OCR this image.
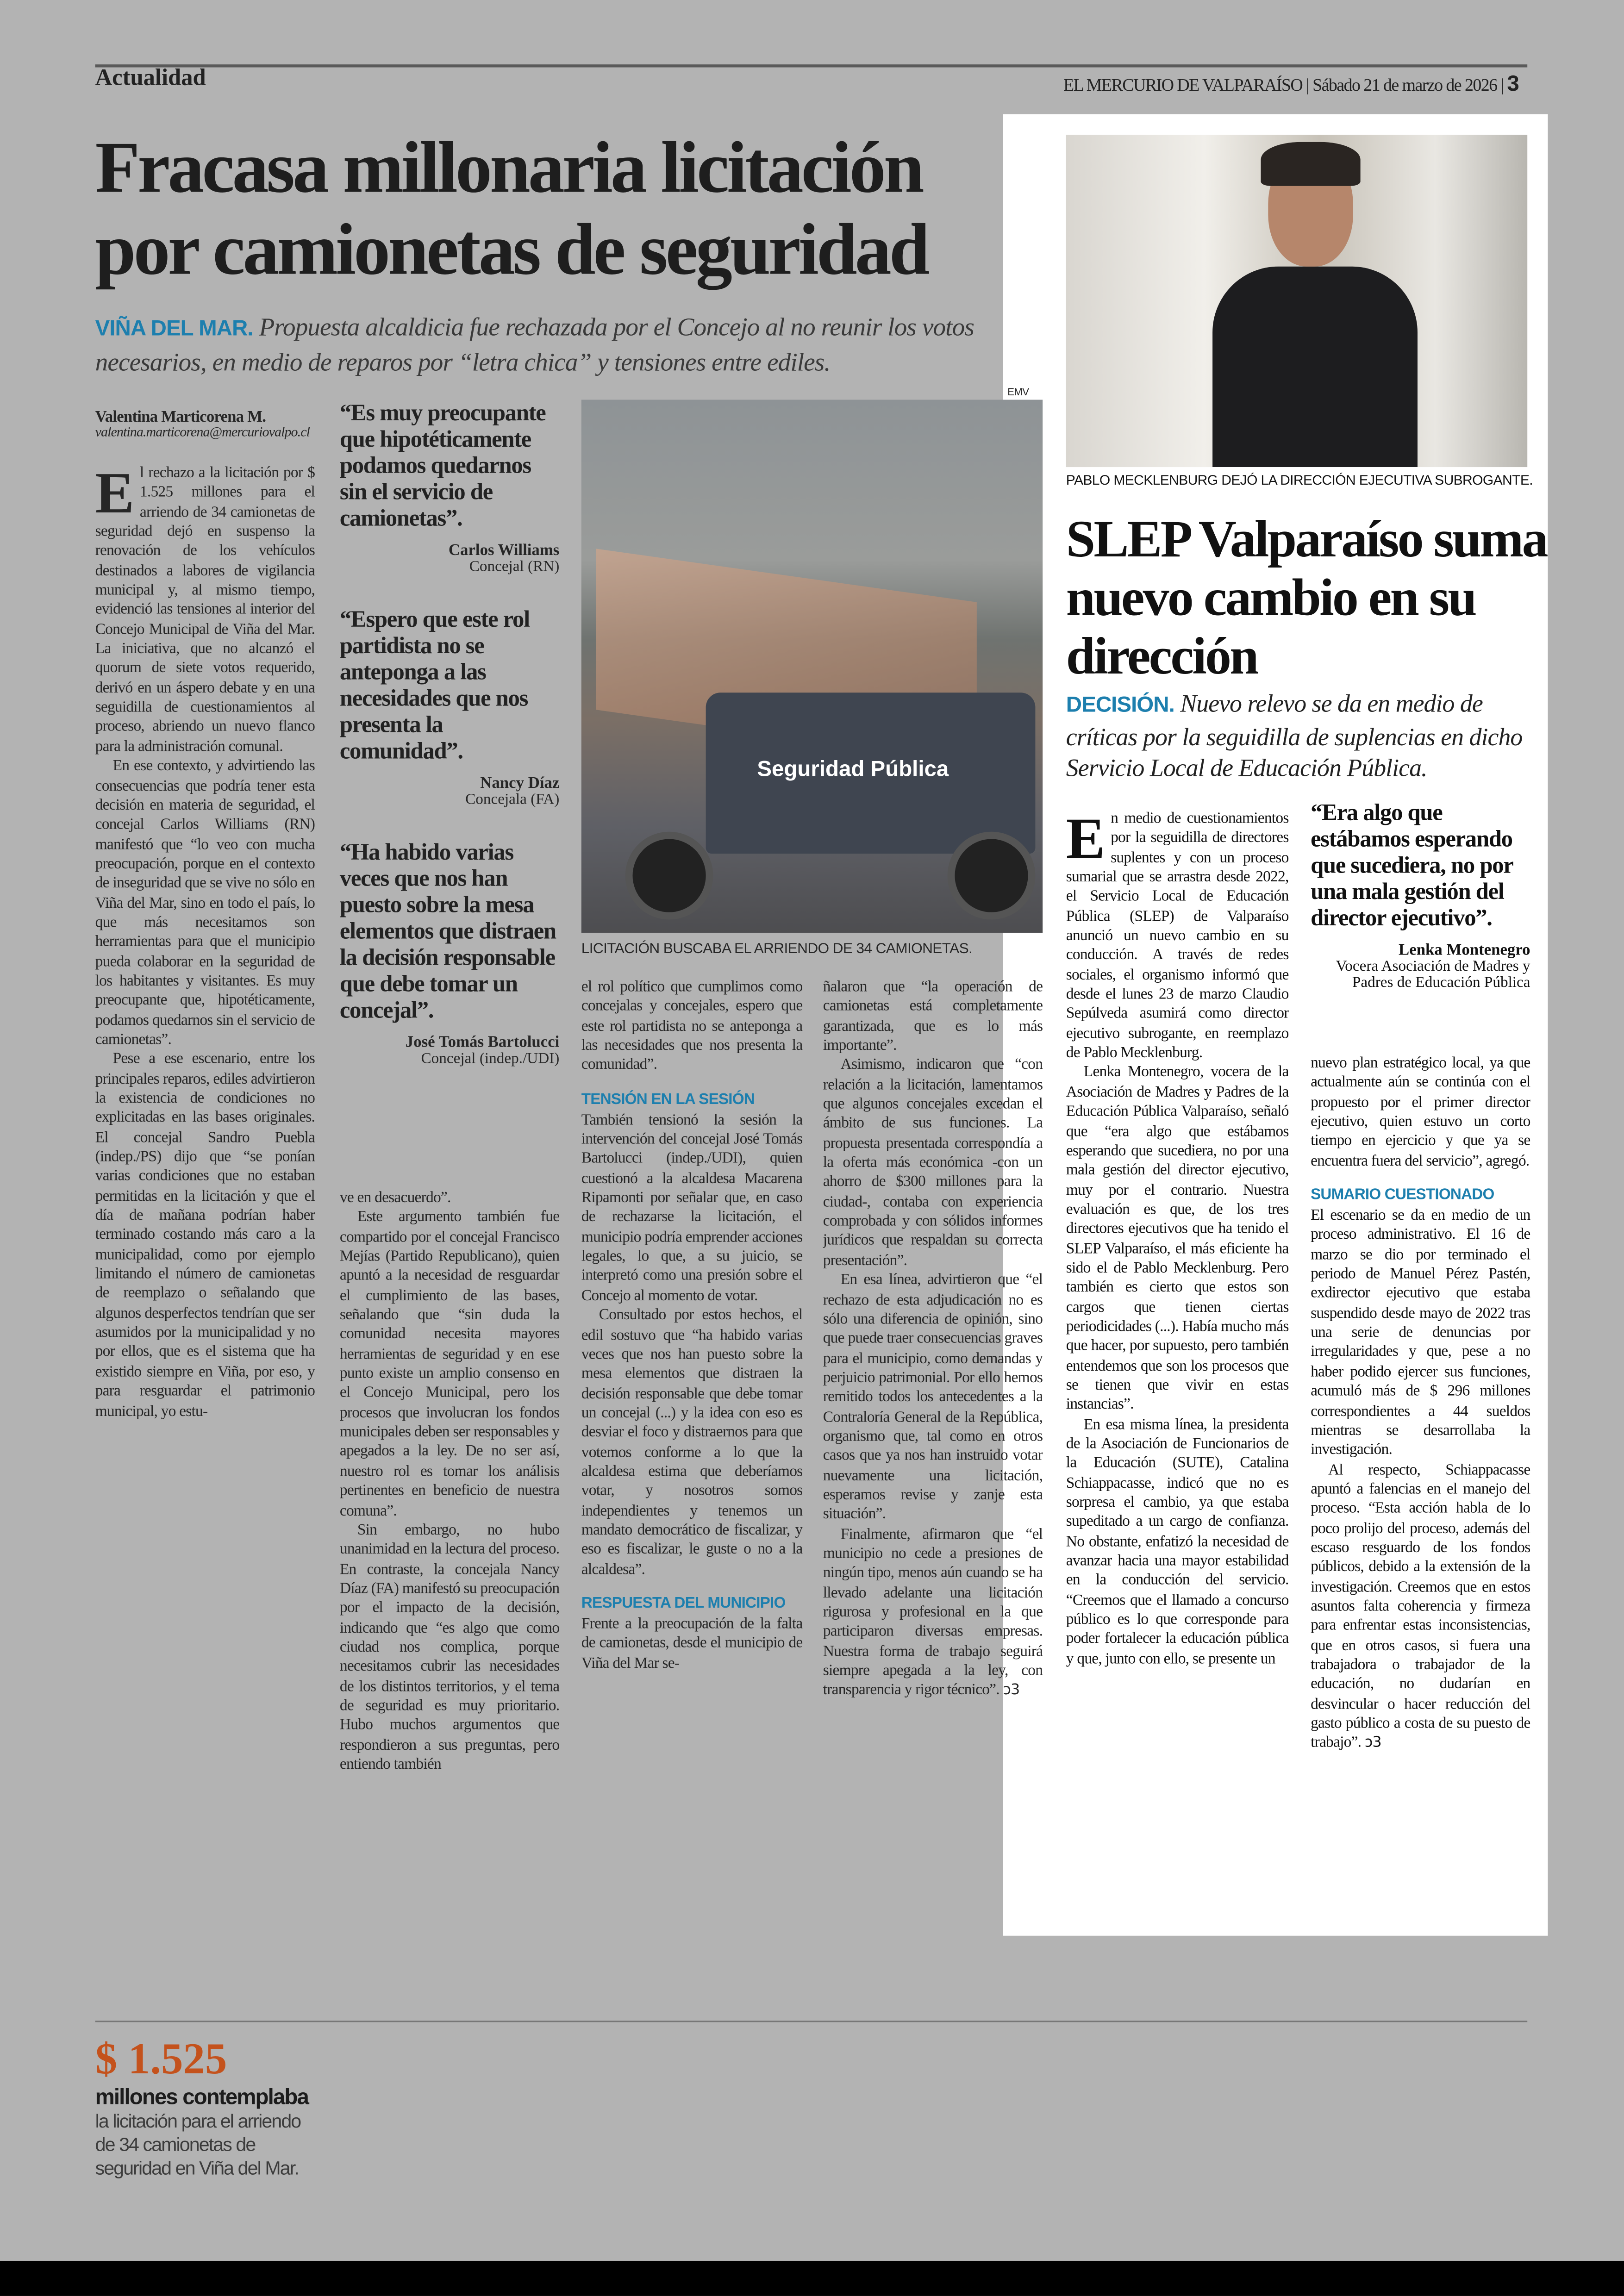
Actualidad	EL MERCURIO DE VALPARAÍSO | Sábado 21 de marzo de 2026 | 3
Fracasa millonaria licitación por camionetas de seguridad
VIÑA DEL MAR. Propuesta alcaldicia fue rechazada por el Concejo al no reunir los votos necesarios, en medio de reparos por “letra chica” y tensiones entre ediles.
Valentina Marticorena M.
valentina.marticorena@mercuriovalpo.cl

E l rechazo a la licitación por $ 1.525 millones para el arriendo de 34 camionetas de seguridad dejó en suspenso la renovación de los vehículos destinados a labores de vigilancia municipal y, al mismo tiempo, evidenció las tensiones al interior del Concejo Municipal de Viña del Mar. La iniciativa, que no alcanzó el quorum de siete votos requerido, derivó en un áspero debate y en una seguidilla de cuestionamientos al proceso, abriendo un nuevo flanco para la administración comunal.

En ese contexto, y advirtiendo las consecuencias que podría tener esta decisión en materia de seguridad, el concejal Carlos Williams (RN) manifestó que “lo veo con mucha preocupación, porque en el contexto de inseguridad que se vive no sólo en Viña del Mar, sino en todo el país, lo que más necesitamos son herramientas para que el municipio pueda colaborar en la seguridad de los habitantes y visitantes. Es muy preocupante que, hipotéticamente, podamos quedarnos sin el servicio de camionetas”.

Pese a ese escenario, entre los principales reparos, ediles advirtieron la existencia de condiciones no explicitadas en las bases originales. El concejal Sandro Puebla (indep./PS) dijo que “se ponían varias condiciones que no estaban permitidas en la licitación y que el día de mañana podrían haber terminado costando más caro a la municipalidad, como por ejemplo limitando el número de camionetas de reemplazo o señalando que algunos desperfectos tendrían que ser asumidos por la municipalidad y no por ellos, que es el sistema que ha existido siempre en Viña, por eso, y para resguardar el patrimonio municipal, yo estu-

$ 1.525
millones contemplaba
la licitación para el arriendo de 34 camionetas de seguridad en Viña del Mar.
“Es muy preocupante que hipotéticamente podamos quedarnos sin el servicio de camionetas”.
Carlos Williams
Concejal (RN)
“Espero que este rol partidista no se anteponga a las necesidades que nos presenta la comunidad”.
Nancy Díaz
Concejala (FA)
“Ha habido varias veces que nos han puesto sobre la mesa elementos que distraen la decisión responsable que debe tomar un concejal”.
José Tomás Bartolucci
Concejal (indep./UDI)

ve en desacuerdo”.

Este argumento también fue compartido por el concejal Francisco Mejías (Partido Republicano), quien apuntó a la necesidad de resguardar el cumplimiento de las bases, señalando que “sin duda la comunidad necesita mayores herramientas de seguridad y en ese punto existe un amplio consenso en el Concejo Municipal, pero los procesos que involucran los fondos municipales deben ser responsables y apegados a la ley. De no ser así, nuestro rol es tomar los análisis pertinentes en beneficio de nuestra comuna”.

Sin embargo, no hubo unanimidad en la lectura del proceso. En contraste, la concejala Nancy Díaz (FA) manifestó su preocupación por el impacto de la decisión, indicando que “es algo que como ciudad nos complica, porque necesitamos cubrir las necesidades de los distintos territorios, y el tema de seguridad es muy prioritario. Hubo muchos argumentos que respondieron a sus preguntas, pero entiendo también

EMV
Seguridad Pública
LICITACIÓN BUSCABA EL ARRIENDO DE 34 CAMIONETAS.

el rol político que cumplimos como concejalas y concejales, espero que este rol partidista no se anteponga a las necesidades que nos presenta la comunidad”.

TENSIÓN EN LA SESIÓN

También tensionó la sesión la intervención del concejal José Tomás Bartolucci (indep./UDI), quien cuestionó a la alcaldesa Macarena Ripamonti por señalar que, en caso de rechazarse la licitación, el municipio podría emprender acciones legales, lo que, a su juicio, se interpretó como una presión sobre el Concejo al momento de votar.

Consultado por estos hechos, el edil sostuvo que “ha habido varias veces que nos han puesto sobre la mesa elementos que distraen la decisión responsable que debe tomar un concejal (...) y la idea con eso es desviar el foco y distraernos para que votemos conforme a lo que la alcaldesa estima que deberíamos votar, y nosotros somos independientes y tenemos un mandato democrático de fiscalizar, y eso es fiscalizar, le guste o no a la alcaldesa”.

RESPUESTA DEL MUNICIPIO

Frente a la preocupación de la falta de camionetas, desde el municipio de Viña del Mar se-

ñalaron que “la operación de camionetas está completamente garantizada, que es lo más importante”.

Asimismo, indicaron que “con relación a la licitación, lamentamos que algunos concejales excedan el ámbito de sus funciones. La propuesta presentada correspondía a la oferta más económica -con un ahorro de $300 millones para la ciudad-, contaba con experiencia comprobada y con sólidos informes jurídicos que respaldan su correcta presentación”.

En esa línea, advirtieron que “el rechazo de esta adjudicación no es sólo una diferencia de opinión, sino que puede traer consecuencias graves para el municipio, como demandas y perjuicio patrimonial. Por ello hemos remitido todos los antecedentes a la Contraloría General de la República, organismo que, tal como en otros casos que ya nos han instruido votar nuevamente una licitación, esperamos revise y zanje esta situación”.

Finalmente, afirmaron que “el municipio no cede a presiones de ningún tipo, menos aún cuando se ha llevado adelante una licitación rigurosa y profesional en la que participaron diversas empresas. Nuestra forma de trabajo seguirá siempre apegada a la ley, con transparencia y rigor técnico”. ↄ3

PABLO MECKLENBURG DEJÓ LA DIRECCIÓN EJECUTIVA SUBROGANTE.
SLEP Valparaíso suma nuevo cambio en su dirección
DECISIÓN. Nuevo relevo se da en medio de críticas por la seguidilla de suplencias en dicho Servicio Local de Educación Pública.

E n medio de cuestionamientos por la seguidilla de directores suplentes y con un proceso sumarial que se arrastra desde 2022, el Servicio Local de Educación Pública (SLEP) de Valparaíso anunció un nuevo cambio en su conducción. A través de redes sociales, el organismo informó que desde el lunes 23 de marzo Claudio Sepúlveda asumirá como director ejecutivo subrogante, en reemplazo de Pablo Mecklenburg.

Lenka Montenegro, vocera de la Asociación de Madres y Padres de la Educación Pública Valparaíso, señaló que “era algo que estábamos esperando que sucediera, no por una mala gestión del director ejecutivo, muy por el contrario. Nuestra evaluación es que, de los tres directores ejecutivos que ha tenido el SLEP Valparaíso, el más eficiente ha sido el de Pablo Mecklenburg. Pero también es cierto que estos son cargos que tienen ciertas periodicidades (...). Había mucho más que hacer, por supuesto, pero también entendemos que son los procesos que se tienen que vivir en estas instancias”.

En esa misma línea, la presidenta de la Asociación de Funcionarios de la Educación (SUTE), Catalina Schiappacasse, indicó que no es sorpresa el cambio, ya que estaba supeditado a un cargo de confianza. No obstante, enfatizó la necesidad de avanzar hacia una mayor estabilidad en la conducción del servicio. “Creemos que el llamado a concurso público es lo que corresponde para poder fortalecer la educación pública y que, junto con ello, se presente un

“Era algo que estábamos esperando que sucediera, no por una mala gestión del director ejecutivo”.
Lenka Montenegro
Vocera Asociación de Madres y Padres de Educación Pública

nuevo plan estratégico local, ya que actualmente aún se continúa con el propuesto por el primer director ejecutivo, quien estuvo un corto tiempo en ejercicio y que ya se encuentra fuera del servicio”, agregó.

SUMARIO CUESTIONADO

El escenario se da en medio de un proceso administrativo. El 16 de marzo se dio por terminado el periodo de Manuel Pérez Pastén, exdirector ejecutivo que estaba suspendido desde mayo de 2022 tras una serie de denuncias por irregularidades y que, pese a no haber podido ejercer sus funciones, acumuló más de $ 296 millones correspondientes a 44 sueldos mientras se desarrollaba la investigación.

Al respecto, Schiappacasse apuntó a falencias en el manejo del proceso. “Esta acción habla de lo poco prolijo del proceso, además del escaso resguardo de los fondos públicos, debido a la extensión de la investigación. Creemos que en estos asuntos falta coherencia y firmeza para enfrentar estas inconsistencias, que en otros casos, si fuera una trabajadora o trabajador de la educación, no dudarían en desvincular o hacer reducción del gasto público a costa de su puesto de trabajo”. ↄ3
